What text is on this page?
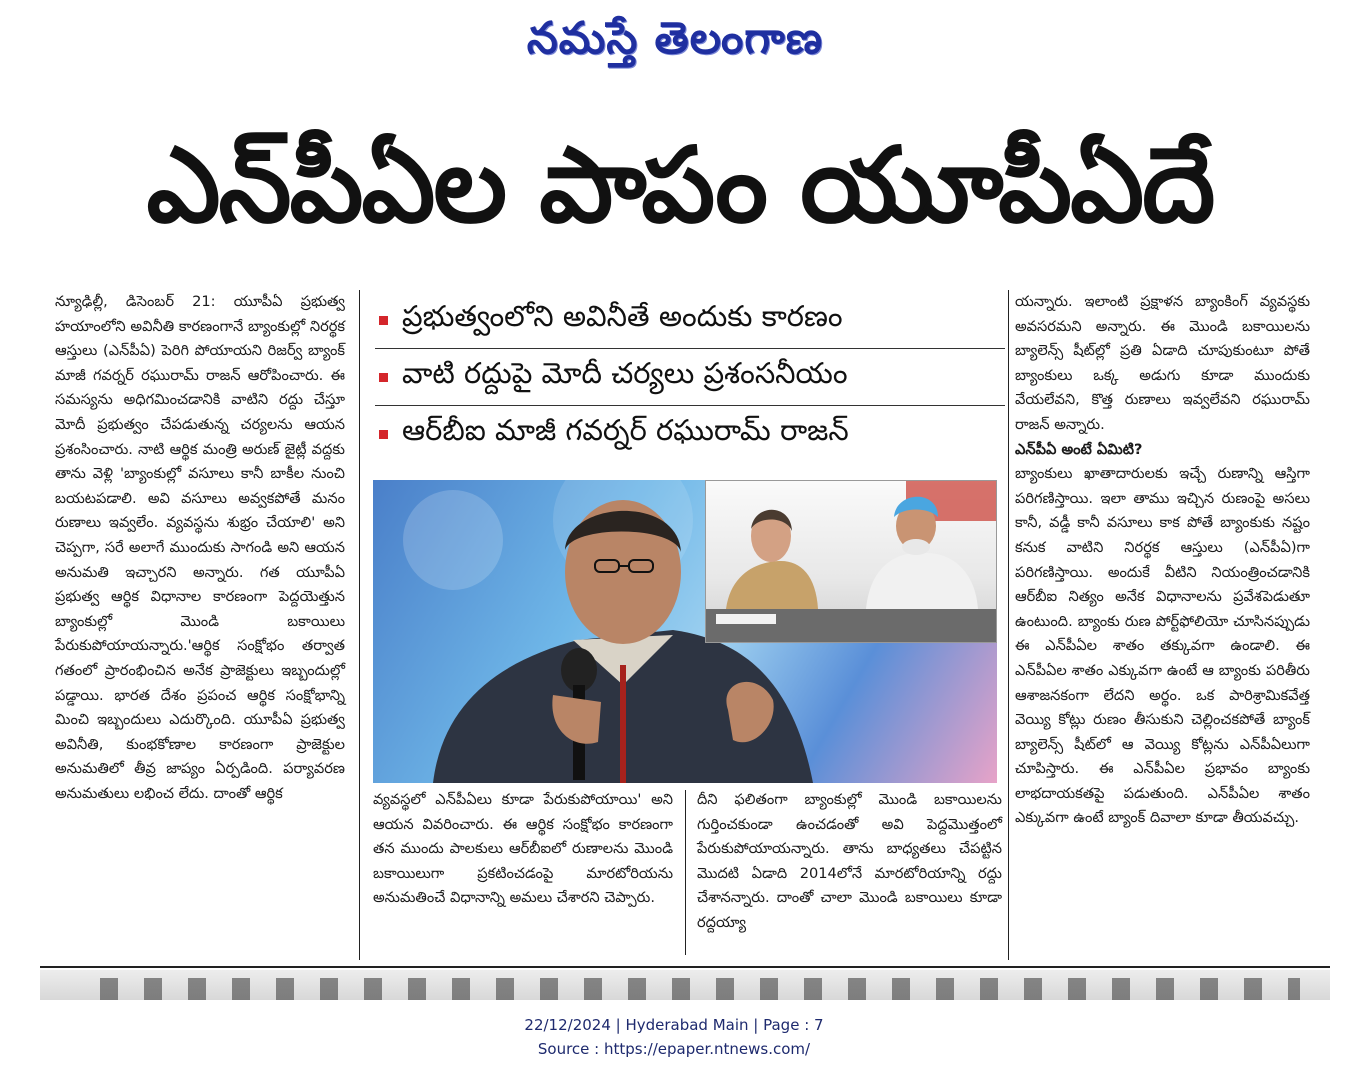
నమస్తే తెలంగాణ
ఎన్‌పీఏల పాపం యూపీఏదే

న్యూఢిల్లీ, డిసెంబర్ 21: యూపీఏ ప్రభుత్వ హయాంలోని అవినీతి కారణంగానే బ్యాంకుల్లో నిరర్థక ఆస్తులు (ఎన్‌పీఏ) పెరిగి పోయాయని రిజర్వ్ బ్యాంక్ మాజీ గవర్నర్ రఘురామ్ రాజన్ ఆరోపించారు. ఈ సమస్యను అధిగమించడానికి వాటిని రద్దు చేస్తూ మోదీ ప్రభుత్వం చేపడుతున్న చర్యలను ఆయన ప్రశంసించారు. నాటి ఆర్థిక మంత్రి అరుణ్ జైట్లీ వద్దకు తాను వెళ్లి 'బ్యాంకుల్లో వసూలు కానీ బాకీల నుంచి బయటపడాలి. అవి వసూలు అవ్వకపోతే మనం రుణాలు ఇవ్వలేం. వ్యవస్థను శుభ్రం చేయాలి' అని చెప్పగా, సరే అలాగే ముందుకు సాగండి అని ఆయన అనుమతి ఇచ్చారని అన్నారు. గత యూపీఏ ప్రభుత్వ ఆర్థిక విధానాల కారణంగా పెద్దయెత్తున బ్యాంకుల్లో మొండి బకాయిలు పేరుకుపోయాయన్నారు.'ఆర్థిక సంక్షోభం తర్వాత గతంలో ప్రారంభించిన అనేక ప్రాజెక్టులు ఇబ్బందుల్లో పడ్డాయి. భారత దేశం ప్రపంచ ఆర్థిక సంక్షోభాన్ని మించి ఇబ్బందులు ఎదుర్కొంది. యూపీఏ ప్రభుత్వ అవినీతి, కుంభకోణాల కారణంగా ప్రాజెక్టుల అనుమతిలో తీవ్ర జాప్యం ఏర్పడింది. పర్యావరణ అనుమతులు లభించ లేదు. దాంతో ఆర్థిక

ప్రభుత్వంలోని అవినీతే అందుకు కారణం
వాటి రద్దుపై మోదీ చర్యలు ప్రశంసనీయం
ఆర్‌బీఐ మాజీ గవర్నర్ రఘురామ్ రాజన్

వ్యవస్థలో ఎన్‌పీఏలు కూడా పేరుకుపోయాయి' అని ఆయన వివరించారు. ఈ ఆర్థిక సంక్షోభం కారణంగా తన ముందు పాలకులు ఆర్‌బీఐలో రుణాలను మొండి బకాయిలుగా ప్రకటించడంపై మారటోరియను అనుమతించే విధానాన్ని అమలు చేశారని చెప్పారు.

దీని ఫలితంగా బ్యాంకుల్లో మొండి బకాయిలను గుర్తించకుండా ఉంచడంతో అవి పెద్దమొత్తంలో పేరుకుపోయాయన్నారు. తాను బాధ్యతలు చేపట్టిన మొదటి ఏడాది 2014లోనే మారటోరియాన్ని రద్దు చేశానన్నారు. దాంతో చాలా మొండి బకాయిలు కూడా రద్దయ్యా

యన్నారు. ఇలాంటి ప్రక్షాళన బ్యాంకింగ్ వ్యవస్థకు అవసరమని అన్నారు. ఈ మొండి బకాయిలను బ్యాలెన్స్ షీట్‌ల్లో ప్రతి ఏడాది చూపుకుంటూ పోతే బ్యాంకులు ఒక్క అడుగు కూడా ముందుకు వేయలేవని, కొత్త రుణాలు ఇవ్వలేవని రఘురామ్ రాజన్ అన్నారు.

ఎన్‌పీఏ అంటే ఏమిటి?

బ్యాంకులు ఖాతాదారులకు ఇచ్చే రుణాన్ని ఆస్తిగా పరిగణిస్తాయి. ఇలా తాము ఇచ్చిన రుణంపై అసలు కానీ, వడ్డీ కానీ వసూలు కాక పోతే బ్యాంకుకు నష్టం కనుక వాటిని నిరర్థక ఆస్తులు (ఎన్‌పీఏ)గా పరిగణిస్తాయి. అందుకే వీటిని నియంత్రించడానికి ఆర్‌బీఐ నిత్యం అనేక విధానాలను ప్రవేశపెడుతూ ఉంటుంది. బ్యాంకు రుణ పోర్ట్‌ఫోలియో చూసినప్పుడు ఈ ఎన్‌పీఏల శాతం తక్కువగా ఉండాలి. ఈ ఎన్‌పీఏల శాతం ఎక్కువగా ఉంటే ఆ బ్యాంకు పరితీరు ఆశాజనకంగా లేదని అర్థం. ఒక పారిశ్రామికవేత్త వెయ్యి కోట్లు రుణం తీసుకుని చెల్లించకపోతే బ్యాంక్ బ్యాలెన్స్ షీట్‌లో ఆ వెయ్యి కోట్లను ఎన్‌పీఏలుగా చూపిస్తారు. ఈ ఎన్‌పీఏల ప్రభావం బ్యాంకు లాభదాయకతపై పడుతుంది. ఎన్‌పీఏల శాతం ఎక్కువగా ఉంటే బ్యాంక్ దివాలా కూడా తీయవచ్చు.

22/12/2024 | Hyderabad Main | Page : 7
Source : https://epaper.ntnews.com/
